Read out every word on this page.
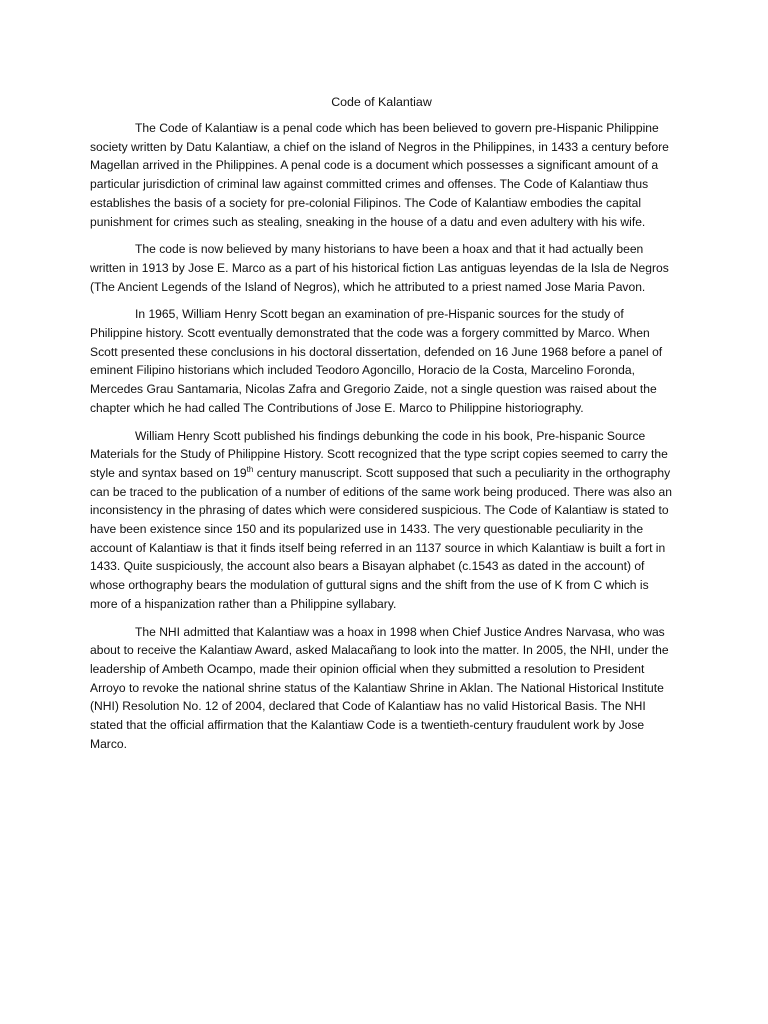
Code of Kalantiaw

The Code of Kalantiaw is a penal code which has been believed to govern pre-Hispanic Philippine society written by Datu Kalantiaw, a chief on the island of Negros in the Philippines, in 1433 a century before Magellan arrived in the Philippines. A penal code is a document which possesses a significant amount of a particular jurisdiction of criminal law against committed crimes and offenses. The Code of Kalantiaw thus establishes the basis of a society for pre-colonial Filipinos. The Code of Kalantiaw embodies the capital punishment for crimes such as stealing, sneaking in the house of a datu and even adultery with his wife.

The code is now believed by many historians to have been a hoax and that it had actually been written in 1913 by Jose E. Marco as a part of his historical fiction Las antiguas leyendas de la Isla de Negros (The Ancient Legends of the Island of Negros), which he attributed to a priest named Jose Maria Pavon.

In 1965, William Henry Scott began an examination of pre-Hispanic sources for the study of Philippine history. Scott eventually demonstrated that the code was a forgery committed by Marco. When Scott presented these conclusions in his doctoral dissertation, defended on 16 June 1968 before a panel of eminent Filipino historians which included Teodoro Agoncillo, Horacio de la Costa, Marcelino Foronda, Mercedes Grau Santamaria, Nicolas Zafra and Gregorio Zaide, not a single question was raised about the chapter which he had called The Contributions of Jose E. Marco to Philippine historiography.

William Henry Scott published his findings debunking the code in his book, Pre-hispanic Source Materials for the Study of Philippine History. Scott recognized that the type script copies seemed to carry the style and syntax based on 19th century manuscript. Scott supposed that such a peculiarity in the orthography can be traced to the publication of a number of editions of the same work being produced. There was also an inconsistency in the phrasing of dates which were considered suspicious. The Code of Kalantiaw is stated to have been existence since 150 and its popularized use in 1433. The very questionable peculiarity in the account of Kalantiaw is that it finds itself being referred in an 1137 source in which Kalantiaw is built a fort in 1433. Quite suspiciously, the account also bears a Bisayan alphabet (c.1543 as dated in the account) of whose orthography bears the modulation of guttural signs and the shift from the use of K from C which is more of a hispanization rather than a Philippine syllabary.

The NHI admitted that Kalantiaw was a hoax in 1998 when Chief Justice Andres Narvasa, who was about to receive the Kalantiaw Award, asked Malacañang to look into the matter. In 2005, the NHI, under the leadership of Ambeth Ocampo, made their opinion official when they submitted a resolution to President Arroyo to revoke the national shrine status of the Kalantiaw Shrine in Aklan. The National Historical Institute (NHI) Resolution No. 12 of 2004, declared that Code of Kalantiaw has no valid Historical Basis. The NHI stated that the official affirmation that the Kalantiaw Code is a twentieth-century fraudulent work by Jose Marco.
